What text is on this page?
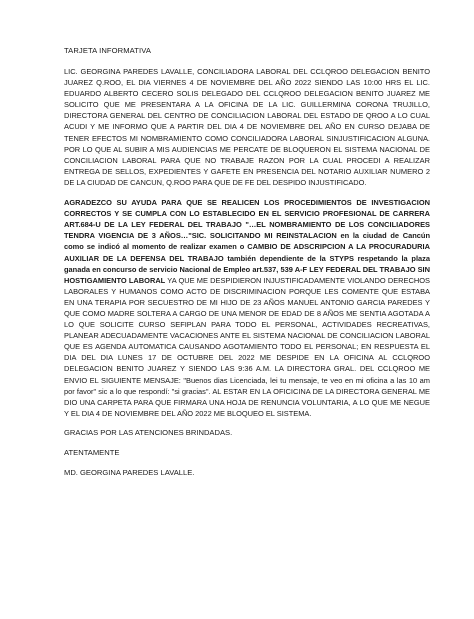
TARJETA INFORMATIVA

LIC. GEORGINA PAREDES LAVALLE, CONCILIADORA LABORAL DEL CCLQROO DELEGACION BENITO JUAREZ Q.ROO, EL DIA VIERNES 4 DE NOVIEMBRE DEL AÑO 2022 SIENDO LAS 10:00 HRS EL LIC. EDUARDO ALBERTO CECERO SOLIS DELEGADO DEL CCLQROO DELEGACION BENITO JUAREZ ME SOLICITO QUE ME PRESENTARA A LA OFICINA DE LA LIC. GUILLERMINA CORONA TRUJILLO, DIRECTORA GENERAL DEL CENTRO DE CONCILIACION LABORAL DEL ESTADO DE QROO A LO CUAL ACUDI Y ME INFORMO QUE A PARTIR DEL DIA 4 DE NOVIEMBRE DEL AÑO EN CURSO DEJABA DE TENER EFECTOS MI NOMBRAMIENTO COMO CONCILIADORA LABORAL SINJUSTIFICACION ALGUNA. POR LO QUE AL SUBIR A MIS AUDIENCIAS ME PERCATE DE BLOQUERON EL SISTEMA NACIONAL DE CONCILIACION LABORAL PARA QUE NO TRABAJE RAZON POR LA CUAL PROCEDI A REALIZAR ENTREGA DE SELLOS, EXPEDIENTES Y GAFETE EN PRESENCIA DEL NOTARIO AUXILIAR NUMERO 2 DE LA CIUDAD DE CANCUN, Q.ROO PARA QUE DE FE DEL DESPIDO INJUSTIFICADO.

AGRADEZCO SU AYUDA PARA QUE SE REALICEN LOS PROCEDIMIENTOS DE INVESTIGACION CORRECTOS Y SE CUMPLA CON LO ESTABLECIDO EN EL SERVICIO PROFESIONAL DE CARRERA ART.684-U DE LA LEY FEDERAL DEL TRABAJO "…EL NOMBRAMIENTO DE LOS CONCILIADORES TENDRA VIGENCIA DE 3 AÑOS…"SIC. SOLICITANDO MI REINSTALACION en la ciudad de Cancún como se indicó al momento de realizar examen o CAMBIO DE ADSCRIPCION A LA PROCURADURIA AUXILIAR DE LA DEFENSA DEL TRABAJO también dependiente de la STYPS respetando la plaza ganada en concurso de servicio Nacional de Empleo art.537, 539 A-F LEY FEDERAL DEL TRABAJO SIN HOSTIGAMIENTO LABORAL YA QUE ME DESPIDIERON INJUSTIFICADAMENTE VIOLANDO DERECHOS LABORALES Y HUMANOS COMO ACTO DE DISCRIMINACION PORQUE LES COMENTE QUE ESTABA EN UNA TERAPIA POR SECUESTRO DE MI HIJO DE 23 AÑOS MANUEL ANTONIO GARCIA PAREDES Y QUE COMO MADRE SOLTERA A CARGO DE UNA MENOR DE EDAD DE 8 AÑOS ME SENTIA AGOTADA A LO QUE SOLICITE CURSO SEFIPLAN PARA TODO EL PERSONAL, ACTIVIDADES RECREATIVAS, PLANEAR ADECUADAMENTE VACACIONES ANTE EL SISTEMA NACIONAL DE CONCILIACION LABORAL QUE ES AGENDA AUTOMATICA CAUSANDO AGOTAMIENTO TODO EL PERSONAL; EN RESPUESTA EL DIA DEL DIA LUNES 17 DE OCTUBRE DEL 2022 ME DESPIDE EN LA OFICINA AL CCLQROO DELEGACION BENITO JUAREZ Y SIENDO LAS 9:36 A.M. LA DIRECTORA GRAL. DEL CCLQROO ME ENVIO EL SIGUIENTE MENSAJE: "Buenos dias Licenciada, lei tu mensaje, te veo en mi oficina a las 10 am por favor" sic a lo que respondí: "si gracias". AL ESTAR EN LA OFICICINA DE LA DIRECTORA GENERAL ME DIO UNA CARPETA PARA QUE FIRMARA UNA HOJA DE RENUNCIA VOLUNTARIA, A LO QUE ME NEGUE Y EL DIA 4 DE NOVIEMBRE DEL AÑO 2022 ME BLOQUEO EL SISTEMA.

GRACIAS POR LAS ATENCIONES BRINDADAS.
ATENTAMENTE
MD. GEORGINA PAREDES LAVALLE.
